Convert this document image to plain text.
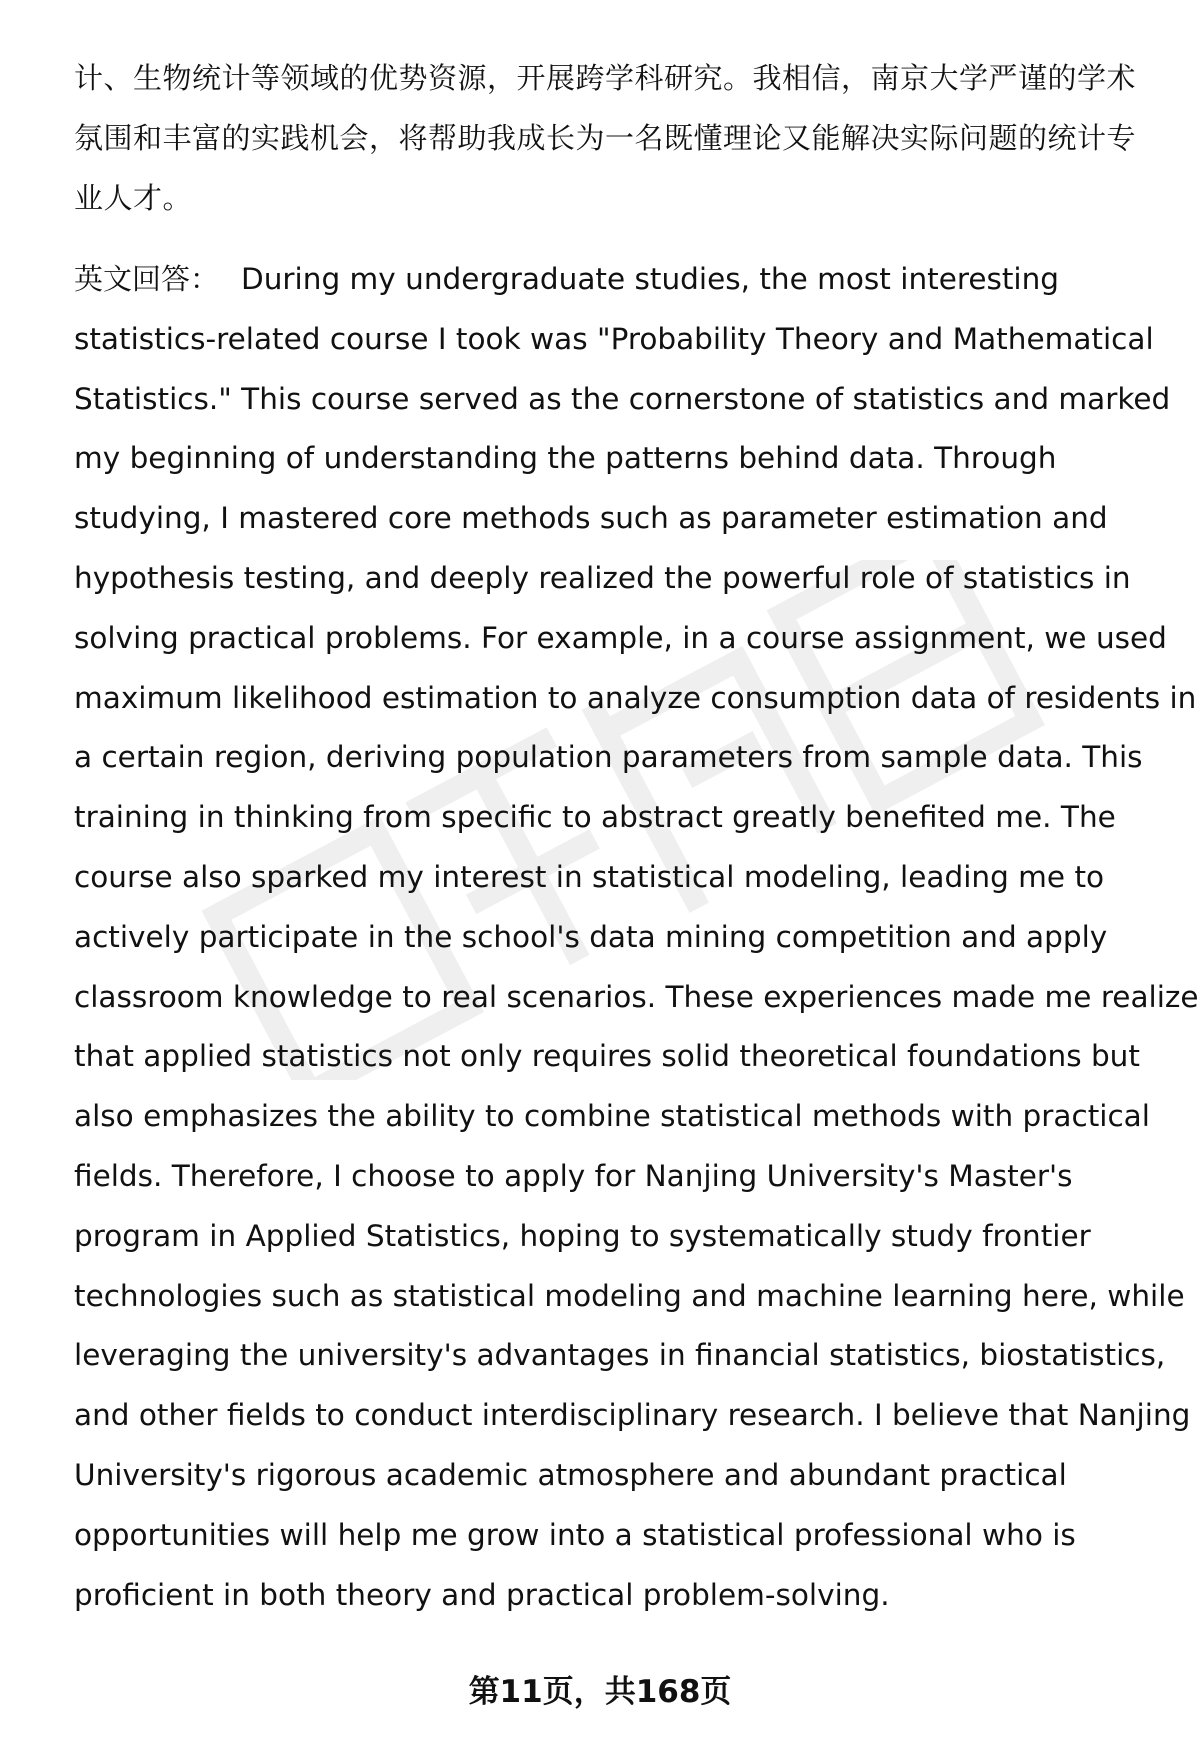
计、生物统计等领域的优势资源，开展跨学科研究。我相信，南京大学严谨的学术
氛围和丰富的实践机会，将帮助我成长为一名既懂理论又能解决实际问题的统计专
业人才。

英文回答： During my undergraduate studies, the most interesting
statistics-related course I took was "Probability Theory and Mathematical
Statistics." This course served as the cornerstone of statistics and marked
my beginning of understanding the patterns behind data. Through
studying, I mastered core methods such as parameter estimation and
hypothesis testing, and deeply realized the powerful role of statistics in
solving practical problems. For example, in a course assignment, we used
maximum likelihood estimation to analyze consumption data of residents in
a certain region, deriving population parameters from sample data. This
training in thinking from specific to abstract greatly benefited me. The
course also sparked my interest in statistical modeling, leading me to
actively participate in the school's data mining competition and apply
classroom knowledge to real scenarios. These experiences made me realize
that applied statistics not only requires solid theoretical foundations but
also emphasizes the ability to combine statistical methods with practical
fields. Therefore, I choose to apply for Nanjing University's Master's
program in Applied Statistics, hoping to systematically study frontier
technologies such as statistical modeling and machine learning here, while
leveraging the university's advantages in financial statistics, biostatistics,
and other fields to conduct interdisciplinary research. I believe that Nanjing
University's rigorous academic atmosphere and abundant practical
opportunities will help me grow into a statistical professional who is
proficient in both theory and practical problem-solving.
第11页，共168页
